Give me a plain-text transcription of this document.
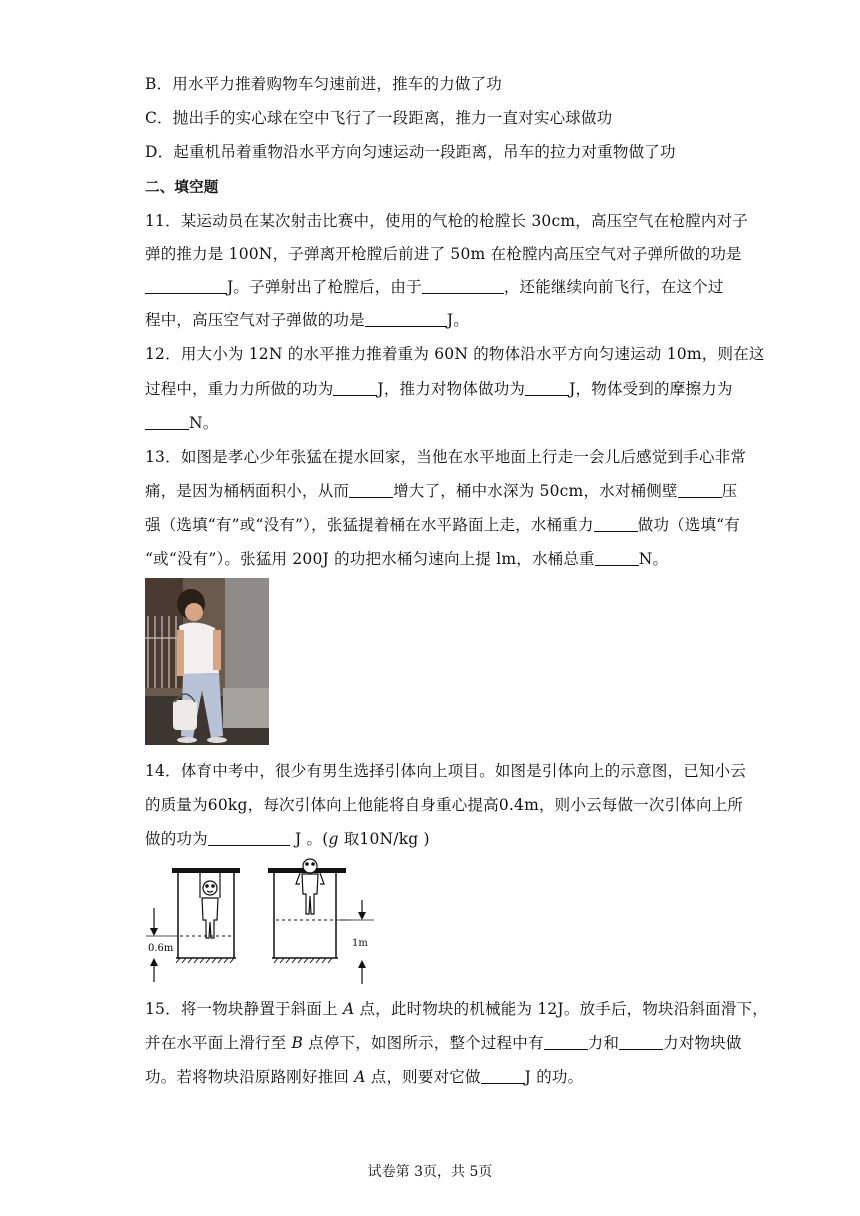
B．用水平力推着购物车匀速前进，推车的力做了功
C．抛出手的实心球在空中飞行了一段距离，推力一直对实心球做功
D．起重机吊着重物沿水平方向匀速运动一段距离，吊车的拉力对重物做了功
二、填空题
11．某运动员在某次射击比赛中，使用的气枪的枪膛长 30cm，高压空气在枪膛内对子
弹的推力是 100N，子弹离开枪膛后前进了 50m 在枪膛内高压空气对子弹所做的功是
J。子弹射出了枪膛后，由于	，还能继续向前飞行，在这个过
程中，高压空气对子弹做的功是	J。
12．用大小为 12N 的水平推力推着重为 60N 的物体沿水平方向匀速运动 10m，则在这
过程中，重力力所做的功为	J，推力对物体做功为	J，物体受到的摩擦力为
N。
13．如图是孝心少年张猛在提水回家，当他在水平地面上行走一会儿后感觉到手心非常
痛，是因为桶柄面积小，从而	增大了，桶中水深为 50cm，水对桶侧壁	压
强（选填“有”或“没有”），张猛提着桶在水平路面上走，水桶重力	做功（选填“有
“或“没有”）。张猛用 200J 的功把水桶匀速向上提 lm，水桶总重	N。
14．体育中考中，很少有男生选择引体向上项目。如图是引体向上的示意图，已知小云
的质量为60kg，每次引体向上他能将自身重心提高0.4m，则小云每做一次引体向上所
做的功为	J 。(g 取10N/kg )
0.6m	1m
15．将一物块静置于斜面上 A 点，此时物块的机械能为 12J。放手后，物块沿斜面滑下，
并在水平面上滑行至 B 点停下，如图所示，整个过程中有	力和	力对物块做
功。若将物块沿原路刚好推回 A 点，则要对它做	J 的功。
试卷第 3页，共 5页
